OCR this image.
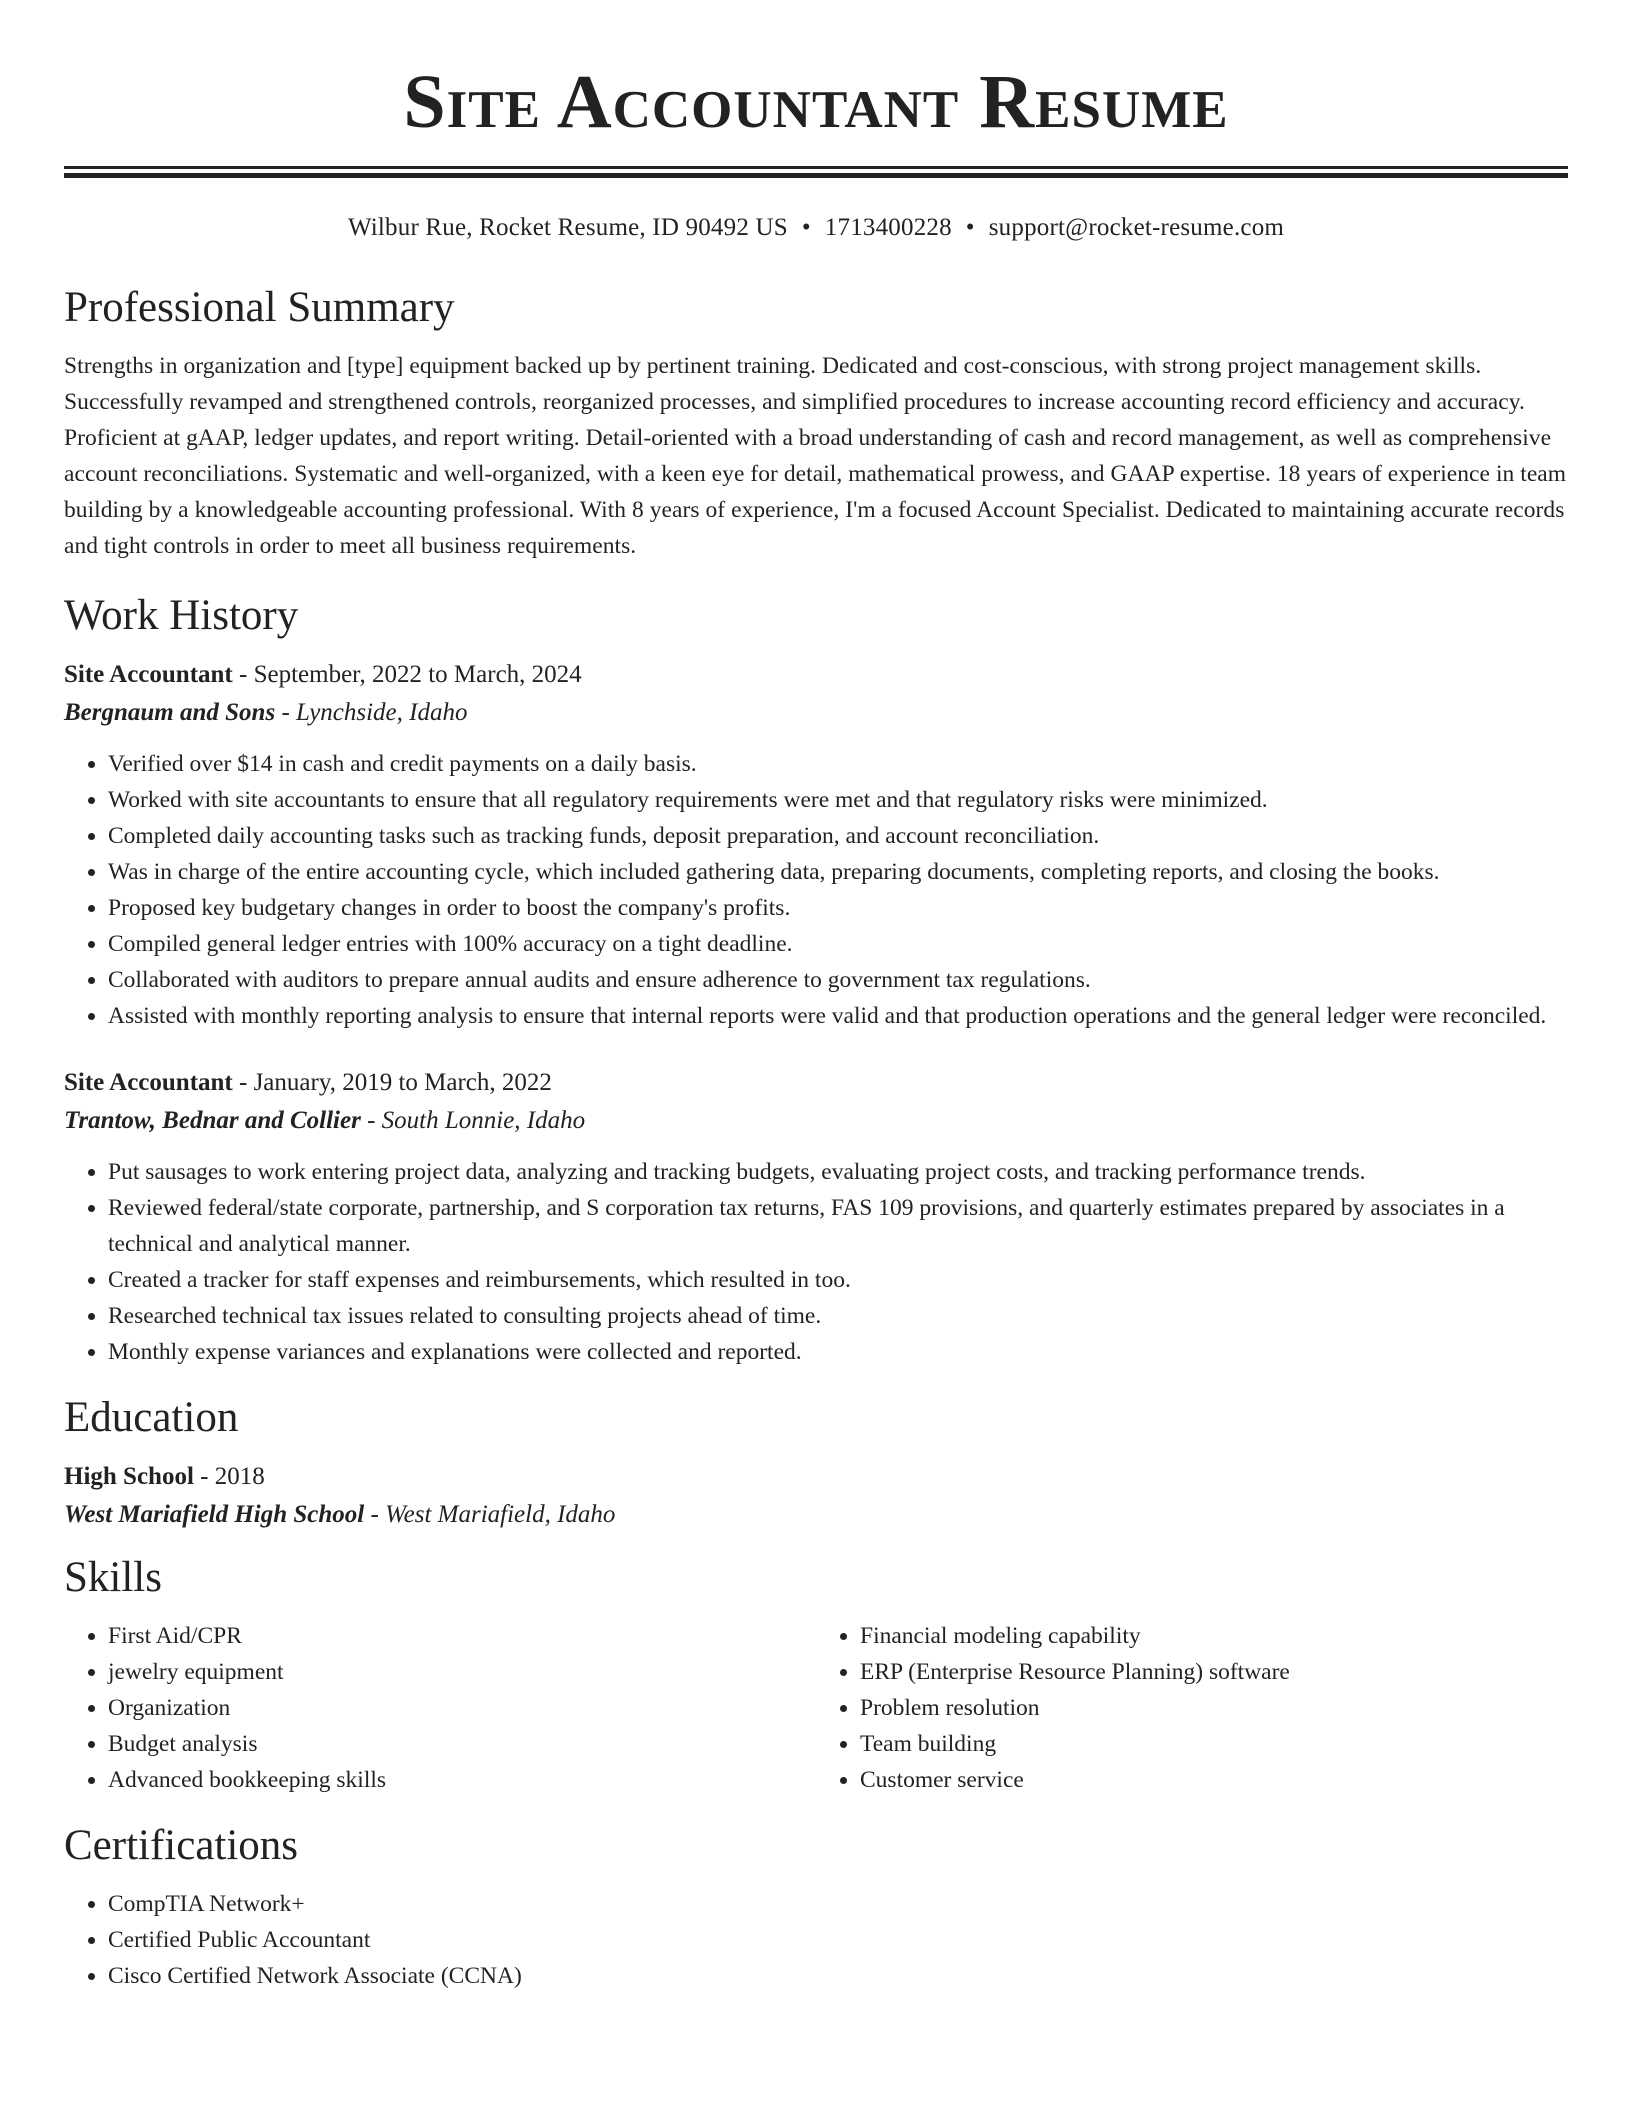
Site Accountant Resume
Wilbur Rue, Rocket Resume, ID 90492 US • 1713400228 • support@rocket-resume.com
Professional Summary

Strengths in organization and [type] equipment backed up by pertinent training. Dedicated and cost-conscious, with strong project management skills. Successfully revamped and strengthened controls, reorganized processes, and simplified procedures to increase accounting record efficiency and accuracy. Proficient at gAAP, ledger updates, and report writing. Detail-oriented with a broad understanding of cash and record management, as well as comprehensive account reconciliations. Systematic and well-organized, with a keen eye for detail, mathematical prowess, and GAAP expertise. 18 years of experience in team building by a knowledgeable accounting professional. With 8 years of experience, I'm a focused Account Specialist. Dedicated to maintaining accurate records and tight controls in order to meet all business requirements.

Work History
Site Accountant - September, 2022 to March, 2024
Bergnaum and Sons - Lynchside, Idaho
• Verified over $14 in cash and credit payments on a daily basis.
• Worked with site accountants to ensure that all regulatory requirements were met and that regulatory risks were minimized.
• Completed daily accounting tasks such as tracking funds, deposit preparation, and account reconciliation.
• Was in charge of the entire accounting cycle, which included gathering data, preparing documents, completing reports, and closing the books.
• Proposed key budgetary changes in order to boost the company's profits.
• Compiled general ledger entries with 100% accuracy on a tight deadline.
• Collaborated with auditors to prepare annual audits and ensure adherence to government tax regulations.
• Assisted with monthly reporting analysis to ensure that internal reports were valid and that production operations and the general ledger were reconciled.
Site Accountant - January, 2019 to March, 2022
Trantow, Bednar and Collier - South Lonnie, Idaho
• Put sausages to work entering project data, analyzing and tracking budgets, evaluating project costs, and tracking performance trends.
• Reviewed federal/state corporate, partnership, and S corporation tax returns, FAS 109 provisions, and quarterly estimates prepared by associates in a technical and analytical manner.
• Created a tracker for staff expenses and reimbursements, which resulted in too.
• Researched technical tax issues related to consulting projects ahead of time.
• Monthly expense variances and explanations were collected and reported.
Education
High School - 2018
West Mariafield High School - West Mariafield, Idaho
Skills
• First Aid/CPR
• jewelry equipment
• Organization
• Budget analysis
• Advanced bookkeeping skills
• Financial modeling capability
• ERP (Enterprise Resource Planning) software
• Problem resolution
• Team building
• Customer service
Certifications
• CompTIA Network+
• Certified Public Accountant
• Cisco Certified Network Associate (CCNA)
